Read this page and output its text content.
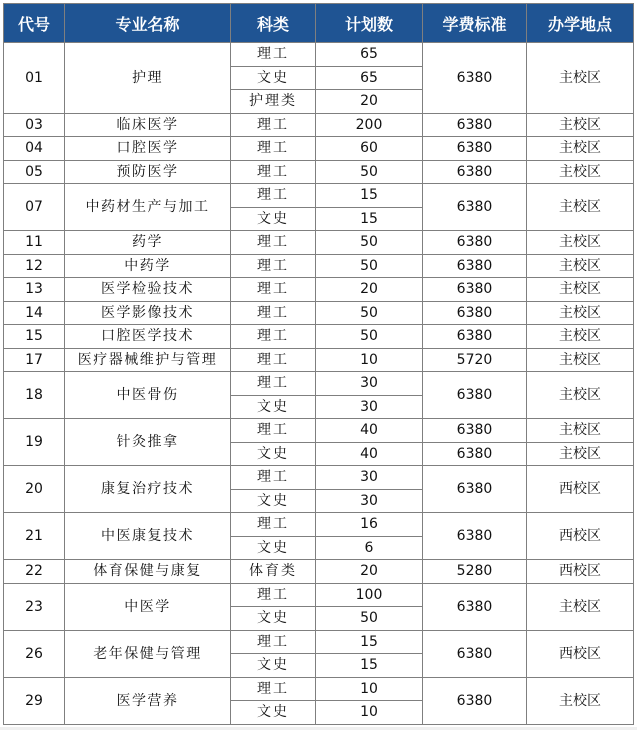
代号	专业名称	科类	计划数	学费标准	办学地点
01	护理	理工	65	6380	主校区
		文史	65		
		护理类	20		
03	临床医学	理工	200	6380	主校区
04	口腔医学	理工	60	6380	主校区
05	预防医学	理工	50	6380	主校区
07	中药材生产与加工	理工	15	6380	主校区
		文史	15		
11	药学	理工	50	6380	主校区
12	中药学	理工	50	6380	主校区
13	医学检验技术	理工	20	6380	主校区
14	医学影像技术	理工	50	6380	主校区
15	口腔医学技术	理工	50	6380	主校区
17	医疗器械维护与管理	理工	10	5720	主校区
18	中医骨伤	理工	30	6380	主校区
		文史	30		
19	针灸推拿	理工	40	6380	主校区
		文史	40	6380	主校区
20	康复治疗技术	理工	30	6380	西校区
		文史	30		
21	中医康复技术	理工	16	6380	西校区
		文史	6		
22	体育保健与康复	体育类	20	5280	西校区
23	中医学	理工	100	6380	主校区
		文史	50		
26	老年保健与管理	理工	15	6380	西校区
		文史	15		
29	医学营养	理工	10	6380	主校区
		文史	10		
